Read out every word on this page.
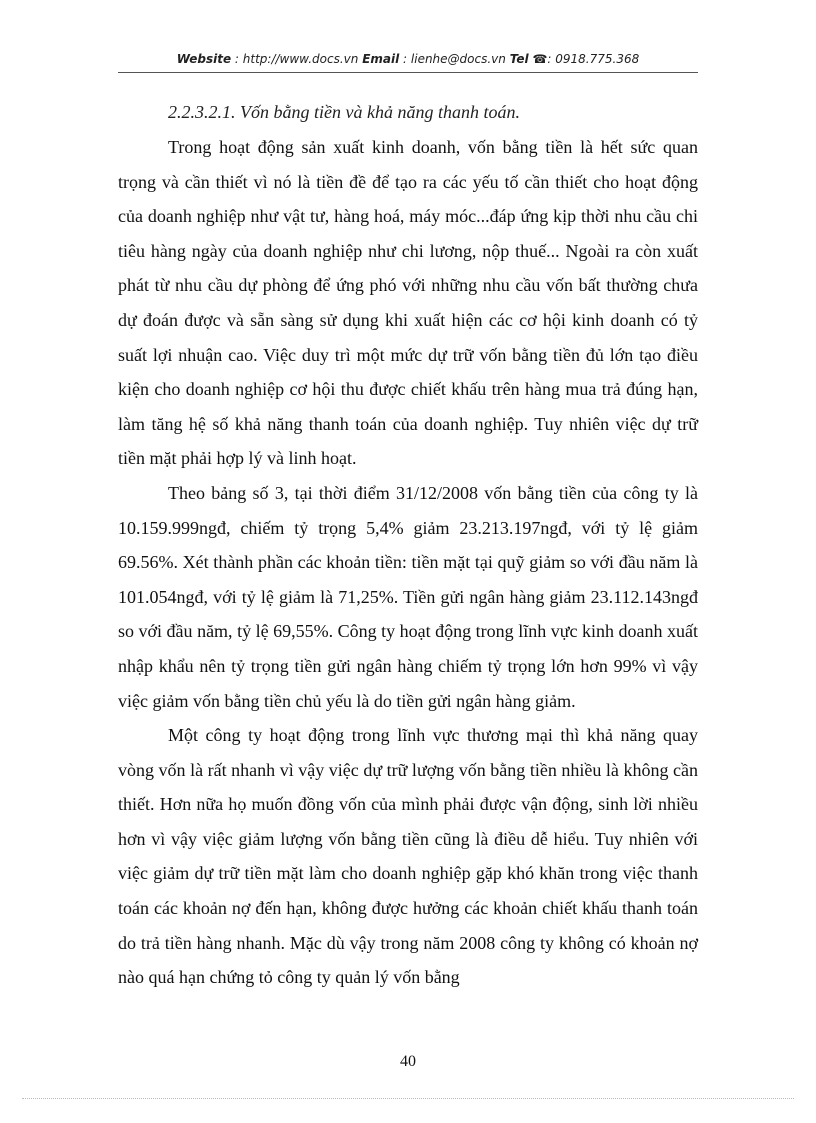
Website : http://www.docs.vn Email : lienhe@docs.vn Tel ☎: 0918.775.368
2.2.3.2.1. Vốn bằng tiền và khả năng thanh toán.

Trong hoạt động sản xuất kinh doanh, vốn bằng tiền là hết sức quan trọng và cần thiết vì nó là tiền đề để tạo ra các yếu tố cần thiết cho hoạt động của doanh nghiệp như vật tư, hàng hoá, máy móc...đáp ứng kịp thời nhu cầu chi tiêu hàng ngày của doanh nghiệp như chi lương, nộp thuế... Ngoài ra còn xuất phát từ nhu cầu dự phòng để ứng phó với những nhu cầu vốn bất thường chưa dự đoán được và sẵn sàng sử dụng khi xuất hiện các cơ hội kinh doanh có tỷ suất lợi nhuận cao. Việc duy trì một mức dự trữ vốn bằng tiền đủ lớn tạo điều kiện cho doanh nghiệp cơ hội thu được chiết khấu trên hàng mua trả đúng hạn, làm tăng hệ số khả năng thanh toán của doanh nghiệp. Tuy nhiên việc dự trữ tiền mặt phải hợp lý và linh hoạt.

Theo bảng số 3, tại thời điểm 31/12/2008 vốn bằng tiền của công ty là 10.159.999ngđ, chiếm tỷ trọng 5,4% giảm 23.213.197ngđ, với tỷ lệ giảm 69.56%. Xét thành phần các khoản tiền: tiền mặt tại quỹ giảm so với đầu năm là 101.054ngđ, với tỷ lệ giảm là 71,25%. Tiền gửi ngân hàng giảm 23.112.143ngđ so với đầu năm, tỷ lệ 69,55%. Công ty hoạt động trong lĩnh vực kinh doanh xuất nhập khẩu nên tỷ trọng tiền gửi ngân hàng chiếm tỷ trọng lớn hơn 99% vì vậy việc giảm vốn bằng tiền chủ yếu là do tiền gửi ngân hàng giảm.

Một công ty hoạt động trong lĩnh vực thương mại thì khả năng quay vòng vốn là rất nhanh vì vậy việc dự trữ lượng vốn bằng tiền nhiều là không cần thiết. Hơn nữa họ muốn đồng vốn của mình phải được vận động, sinh lời nhiều hơn vì vậy việc giảm lượng vốn bằng tiền cũng là điều dễ hiểu. Tuy nhiên với việc giảm dự trữ tiền mặt làm cho doanh nghiệp gặp khó khăn trong việc thanh toán các khoản nợ đến hạn, không được hưởng các khoản chiết khấu thanh toán do trả tiền hàng nhanh. Mặc dù vậy trong năm 2008 công ty không có khoản nợ nào quá hạn chứng tỏ công ty quản lý vốn bằng

40
